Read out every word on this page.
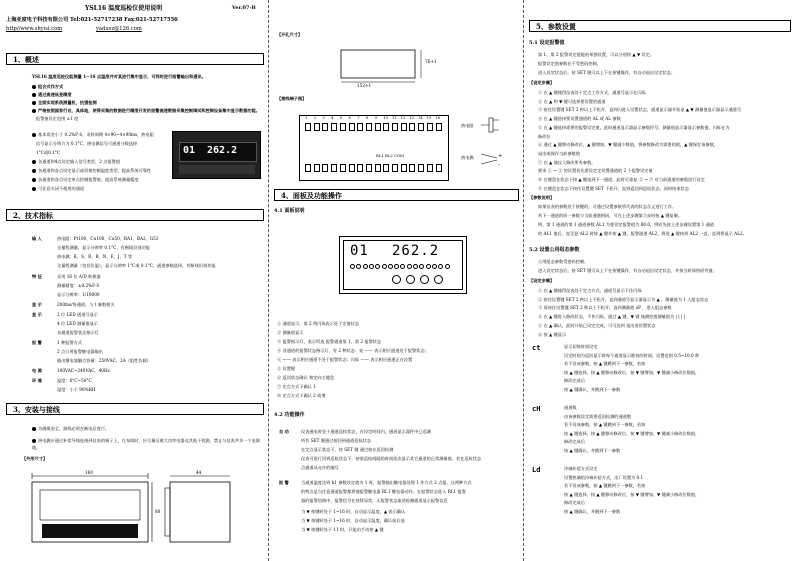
YSL16 温度巡检仪使用说明	Ver.07-B
上海亚度电子科技有限公司 Tel:021-52717238 Fax:021-52717556
http//www.shyisi.com	yadusz@126.com
1、概述
YSL16 温度巡检仪能测量 1~16 点温度并对其进行集中显示，可同时进行报警输出和通讯。
组合式作方式
通过高速低差精度
全面实现系统测量机，抗强检测
严格按照国家行业，具体地，使得采集的数据进行精度开发的报警高速数据采集控制调试和控制设备集中显示数据功能。
报警值设定范围 ±1 度
基本误差小于 0.2%F·S，采样周期 4×90~4×90ms，热电阻
信号显示分辨力为 0.1°C，热电偶信号可通道分数选择
1°C或0.1°C
各通道和4点设定输入信号类型，2 点报警值
各通道和各点设定显示或切换控制温度类型，提高系统可靠性
各通道和各点设定单点控制报警值，提高系统测量精度
可任意关闭不使用的通道
01 262.2
2、技术指标
输 入	热电阻：Pt100、Cu100、Cu50、BA1、BA2、G53
全量程测量，显示分辨率 0.1°C，有断线识别功能
热电偶：K、S、R、B、N、E、J、T 等
全量程测量（包括负温），显示分辨率 1°C或 0.1°C，通道参数选择，有断线识别功能
特 征	采用 16 位 A/D 转换器
测量精度：±0.2%F·S
显示分辨率：1/10000
显 示	200ms/每通道，与 t 参数相关
显 示	2 位 LED 通道号显示
4 位 LED 测量值显示
各通道报警状态指示灯
报 警	1 种报警方式
2 点公用报警继电器输出
输出继电器触点容量：250VAC，2A（阻性负载）
电 源	100VAC~240VAC，40Hz
环 境	温度：0°C~50°C
湿度：小于 90%RH
3、安装与接线
为确保安全，接线必须在断电后进行。
热电偶应通过补偿导线连接到仪表的端子上，在布线时，应尽量远离大功率电器及其他干扰源，禁止与仪表共享一个电源地。
【外形尺寸】
160	44
80
【开孔尺寸】
152+1
76+1
【接线端子图】
1 2 3 4 5 6 7 8 9 10 11 12 13 14 15 16
RL1 RL2 COM
热电阻
热电偶	+
-
4、面板及功能操作
4.1 面板说明
01 262.2
① 通道显示，第 2 例闪烁表示处于定值状态
② 测量值显示
③ 报警指示灯，表示所选 报警通道第 1、第 2 报警状态
④ 各通道的报警状态指示灯，有 2 种状态：亮 —— 表示相应通道处于报警状态；
灭 —— 表示相应通道不处于报警状态；闪烁 —— 表示相应通道正在设置
⑤ 设置键
⑥ 返回状态确认 和定向主键盘
⑦ 定点方式下确认 1
⑧ 定点方式下确认 2 或增
4.2 功能操作
自 动	仪表通电时处于通道巡检状态，在设定时间内，通道显示器件中已巡测
所有 SET 键通过按回到通道巡检状态
在定点显示状态下，按 SET 键 通过按在巡回检测
仪表可进行回到巡检状态下，按第巡检间隔的时间依次显示其它通道的正常测量值，若在巡检状态
点通道从允许的编号
报 警	当通道温度达到 h1 参数设定值为 1 时，报警输出继电器处理 1 作方式 2 点报，这两种方式
的特点是当任意通道报警都将使报警继电器 RL1 继电器动作。在报警状态进入 RL1 报警
器的报警回路中，报警信号在持续异常，无报警状态取消检测通道显示报警信息
当 ▼ 按键时处于 1~16 时，自动显示温度，▲ 表示确认
当 ▼ 按键时处于 1~16 时，自动显示温度，确认前后退
当 ▼ 按键时处于 11 时，只能由手动按 ▲ 键
5、参数设置
5.1 设定报警值
第 1、第 2 报警设定值能的单独设置，可以分别按 ▲ ▼ 设定。
报警设定值参数在不受密码控制。
进入设定状态后，按 SET 键可以上下在按键操作，有自动退出设定状态。
【设定步骤】
【参数说明】
如果仪表的参数处于按键的，可通过设置参数所代表的状态含义进行工作。
若下一通道的同一参数与当前通道相同，可在上述步骤第⑤步时按 ▲ 键复制。
例，第 1 通道的第 1 通道参数 AL1 为要设定报警值为 80.0，例若先按上述步骤设置第 1 通道
的 AL1 值后，直至显 AL2 时按 ▲ 键并按 ▲ 键，报警通道 AL2，将进 ▲ 键按到 AL2 一直，直到将显示 AL2。
5.2 设置公用组态参数
公用组态参数受密码控制。
进入设定状态后，按 SET 键可以上下在按键操作，有自动退出设定状态，并按当时保持原有值。
【设定步骤】
① 在 ▲ 键使得仪表处于定点工作方式，通道号显示在闪烁
② 在 ▲ 和 ▼ 键可选择要设置的通道
③ 按住设置键 SET 2 秒以上不松开，直到闪进入设置状态，通道显示器开始显 ▲ ▼ 测量值显示器显示通道号
④ 在 ▲ 键选择要设置通道的 AL 或 AL 参数
⑤ 在 ▲ 键选择需要的报警设定值，此时通道显示器显示参数符号，测量值显示器显示参数值，闪烁在为
修改位
⑥ 通过 ▲ 键移动修改位，▲ 键增加，▼ 键减少数值，将参数修改为需要的值，▲ 键保存该参数，
退出或保存当前参数值
⑦ 在 ▲ 使仪入修改所有参数。
要求 ① → ② 的设置首先要设定定设置通道的 2 个报警设定值
⑧ 在键盘在状态下按 ▲ 键选到下一通道，此时可重复 ⑤ → ⑦ 对当前通道的参数进行设定
⑨ 在键盘在状态下按住设置键 SET 不松开，直到返回到巡检状态，同时结束状态
① 在 ▲ 键使得仪表处于定点方式，通道号显示不住闪烁
② 按住设置键 SET 2 秒以上不松开，直到通道号显示器显示为 ▲ ，测量值为 1 入组态状态
③ 再按住设置键 SET 2 秒以上不松开，直到测量值 oP ，进入组态参数
④ 在 ▲ 键进入修改状态，不作闪烁，通过 ▲ 键，▼ 键 使测控值测量值为 | | | |
⑤ 在 ▲ 确认，此时开始已设定完成，可可达到 退出进设置状态
⑥ 按 ▲ 键显示
ct	显示切换时间设定
设定时间为巡回显示时每个通道显示维持的时间，设置范围 0.5~10.0 秒
若不设该参数，按 ▲ 键跳到下一参数，若按
按 ▲ 键选择，按 ▲ 键移动修改位，按 ▼ 键增加，▼ 键减小修改位数值，
修改完成后
按 ▲ 键确认，并跳到下一参数
cH	通道数
由该参数设定需要巡回检测的通道数
若不设该参数，按 ▲ 键跳到下一参数，若按
按 ▲ 键选择，按 ▲ 键移动修改位，按 ▼ 键增加，▼ 键减小修改位数值，
修改完成后
按 ▲ 键确认，并跳到下一参数
Ld	冷端补偿方式设定
设置热偶的冷端补偿方式，出厂设置为 0.1
若不设该参数，按 ▲ 键跳到下一参数，若按
按 ▲ 键选择，按 ▲ 键移动修改位，按 ▼ 键增加，▼ 键减小修改位数值，
修改完成后
按 ▲ 键确认，并跳到下一参数
